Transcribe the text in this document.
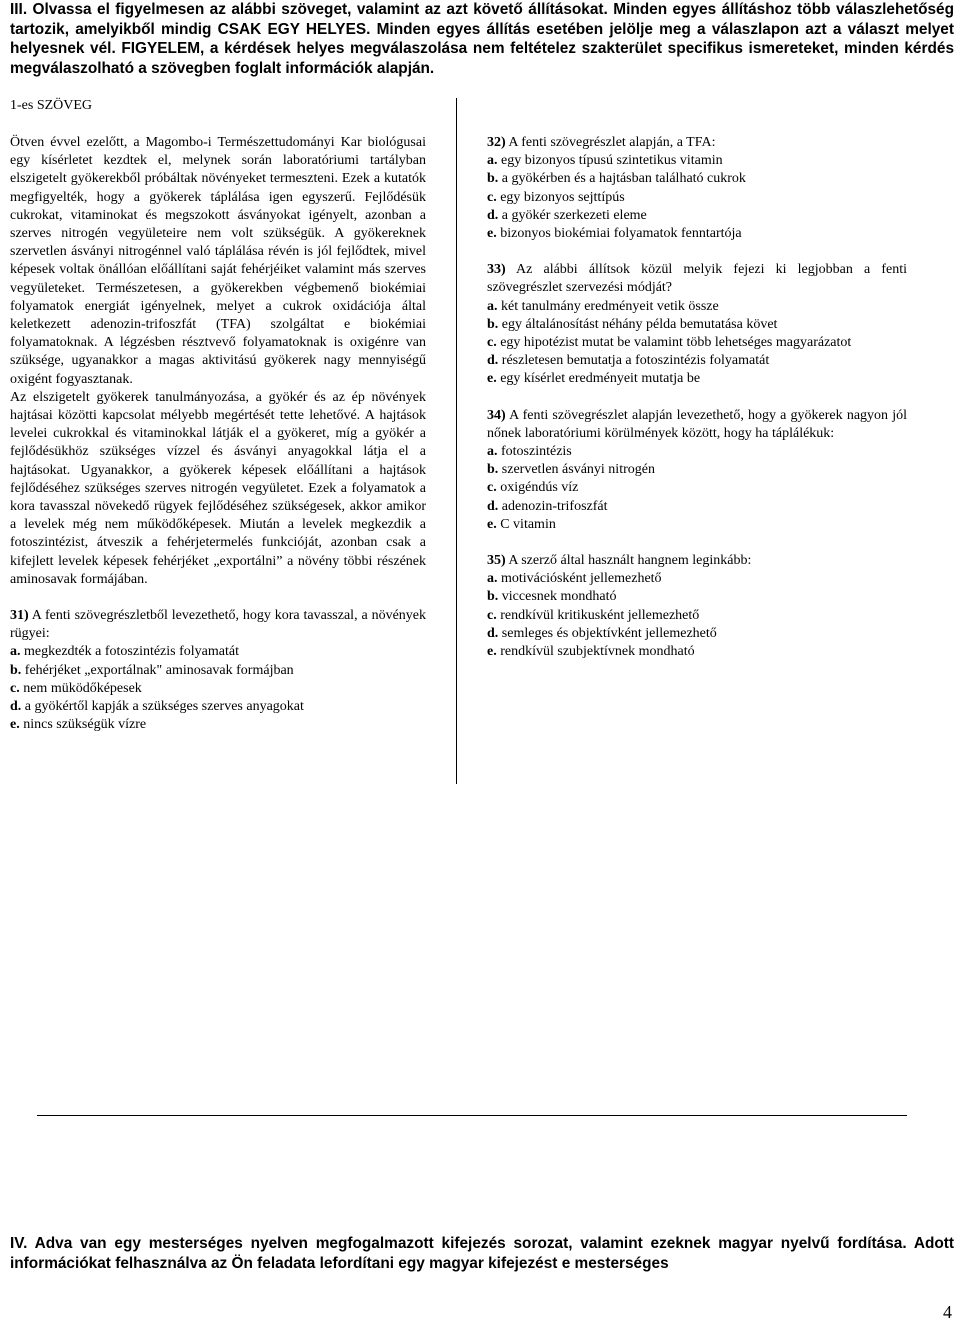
III. Olvassa el figyelmesen az alábbi szöveget, valamint az azt követő állításokat. Minden egyes állításhoz több válaszlehetőség tartozik, amelyikből mindig CSAK EGY HELYES. Minden egyes állítás esetében jelölje meg a válaszlapon azt a választ melyet helyesnek vél. FIGYELEM, a kérdések helyes megválaszolása nem feltételez szakterület specifikus ismereteket, minden kérdés megválaszolható a szövegben foglalt információk alapján.
1-es SZÖVEG

Ötven évvel ezelőtt, a Magombo-i Természettudományi Kar biológusai egy kísérletet kezdtek el, melynek során laboratóriumi tartályban elszigetelt gyökerekből próbáltak növényeket termeszteni. Ezek a kutatók megfigyelték, hogy a gyökerek táplálása igen egyszerű. Fejlődésük cukrokat, vitaminokat és megszokott ásványokat igényelt, azonban a szerves nitrogén vegyületeire nem volt szükségük. A gyökereknek szervetlen ásványi nitrogénnel való táplálása révén is jól fejlődtek, mivel képesek voltak önállóan előállítani saját fehérjéiket valamint más szerves vegyületeket. Természetesen, a gyökerekben végbemenő biokémiai folyamatok energiát igényelnek, melyet a cukrok oxidációja által keletkezett adenozin-trifoszfát (TFA) szolgáltat e biokémiai folyamatoknak. A légzésben résztvevő folyamatoknak is oxigénre van szüksége, ugyanakkor a magas aktivitású gyökerek nagy mennyiségű oxigént fogyasztanak.

Az elszigetelt gyökerek tanulmányozása, a gyökér és az ép növények hajtásai közötti kapcsolat mélyebb megértését tette lehetővé. A hajtások levelei cukrokkal és vitaminokkal látják el a gyökeret, míg a gyökér a fejlődésükhöz szükséges vízzel és ásványi anyagokkal látja el a hajtásokat. Ugyanakkor, a gyökerek képesek előállítani a hajtások fejlődéséhez szükséges szerves nitrogén vegyületet. Ezek a folyamatok a kora tavasszal növekedő rügyek fejlődéséhez szükségesek, akkor amikor a levelek még nem működőképesek. Miután a levelek megkezdik a fotoszintézist, átveszik a fehérjetermelés funkcióját, azonban csak a kifejlett levelek képesek fehérjéket „exportálni” a növény többi részének aminosavak formájában.

31) A fenti szövegrészletből levezethető, hogy kora tavasszal, a növények rügyei:
a. megkezdték a fotoszintézis folyamatát
b. fehérjéket „exportálnak" aminosavak formájban
c. nem müködőképesek
d. a gyökértől kapják a szükséges szerves anyagokat
e. nincs szükségük vízre
32) A fenti szövegrészlet alapján, a TFA:
a. egy bizonyos típusú szintetikus vitamin
b. a gyökérben és a hajtásban található cukrok
c. egy bizonyos sejttípús
d. a gyökér szerkezeti eleme
e. bizonyos biokémiai folyamatok fenntartója
33) Az alábbi állítsok közül melyik fejezi ki legjobban a fenti szövegrészlet szervezési módját?
a. két tanulmány eredményeit vetik össze
b. egy általánosítást néhány példa bemutatása követ
c. egy hipotézist mutat be valamint több lehetséges magyarázatot
d. részletesen bemutatja a fotoszintézis folyamatát
e. egy kísérlet eredményeit mutatja be
34) A fenti szövegrészlet alapján levezethető, hogy a gyökerek nagyon jól nőnek laboratóriumi körülmények között, hogy ha táplálékuk:
a. fotoszintézis
b. szervetlen ásványi nitrogén
c. oxigéndús víz
d. adenozin-trifoszfát
e. C vitamin
35) A szerző által használt hangnem leginkább:
a. motivációsként jellemezhető
b. viccesnek mondható
c. rendkívül kritikusként jellemezhető
d. semleges és objektívként jellemezhető
e. rendkívül szubjektívnek mondható
IV. Adva van egy mesterséges nyelven megfogalmazott kifejezés sorozat, valamint ezeknek magyar nyelvű fordítása. Adott információkat felhasználva az Ön feladata lefordítani egy magyar kifejezést e mesterséges
4
